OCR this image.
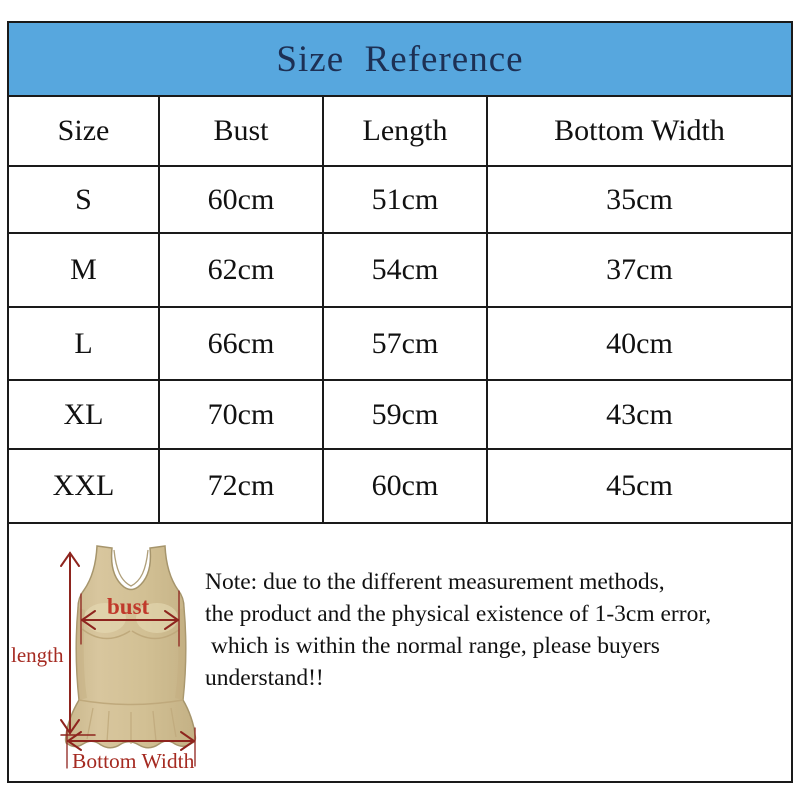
Size  Reference
Size	Bust	Length	Bottom Width
S	60cm	51cm	35cm
M	62cm	54cm	37cm
L	66cm	57cm	40cm
XL	70cm	59cm	43cm
XXL	72cm	60cm	45cm
bust
length
Bottom Width
Note: due to the different measurement methods,
the product and the physical existence of 1-3cm error,
which is within the normal range, please buyers
understand!!
